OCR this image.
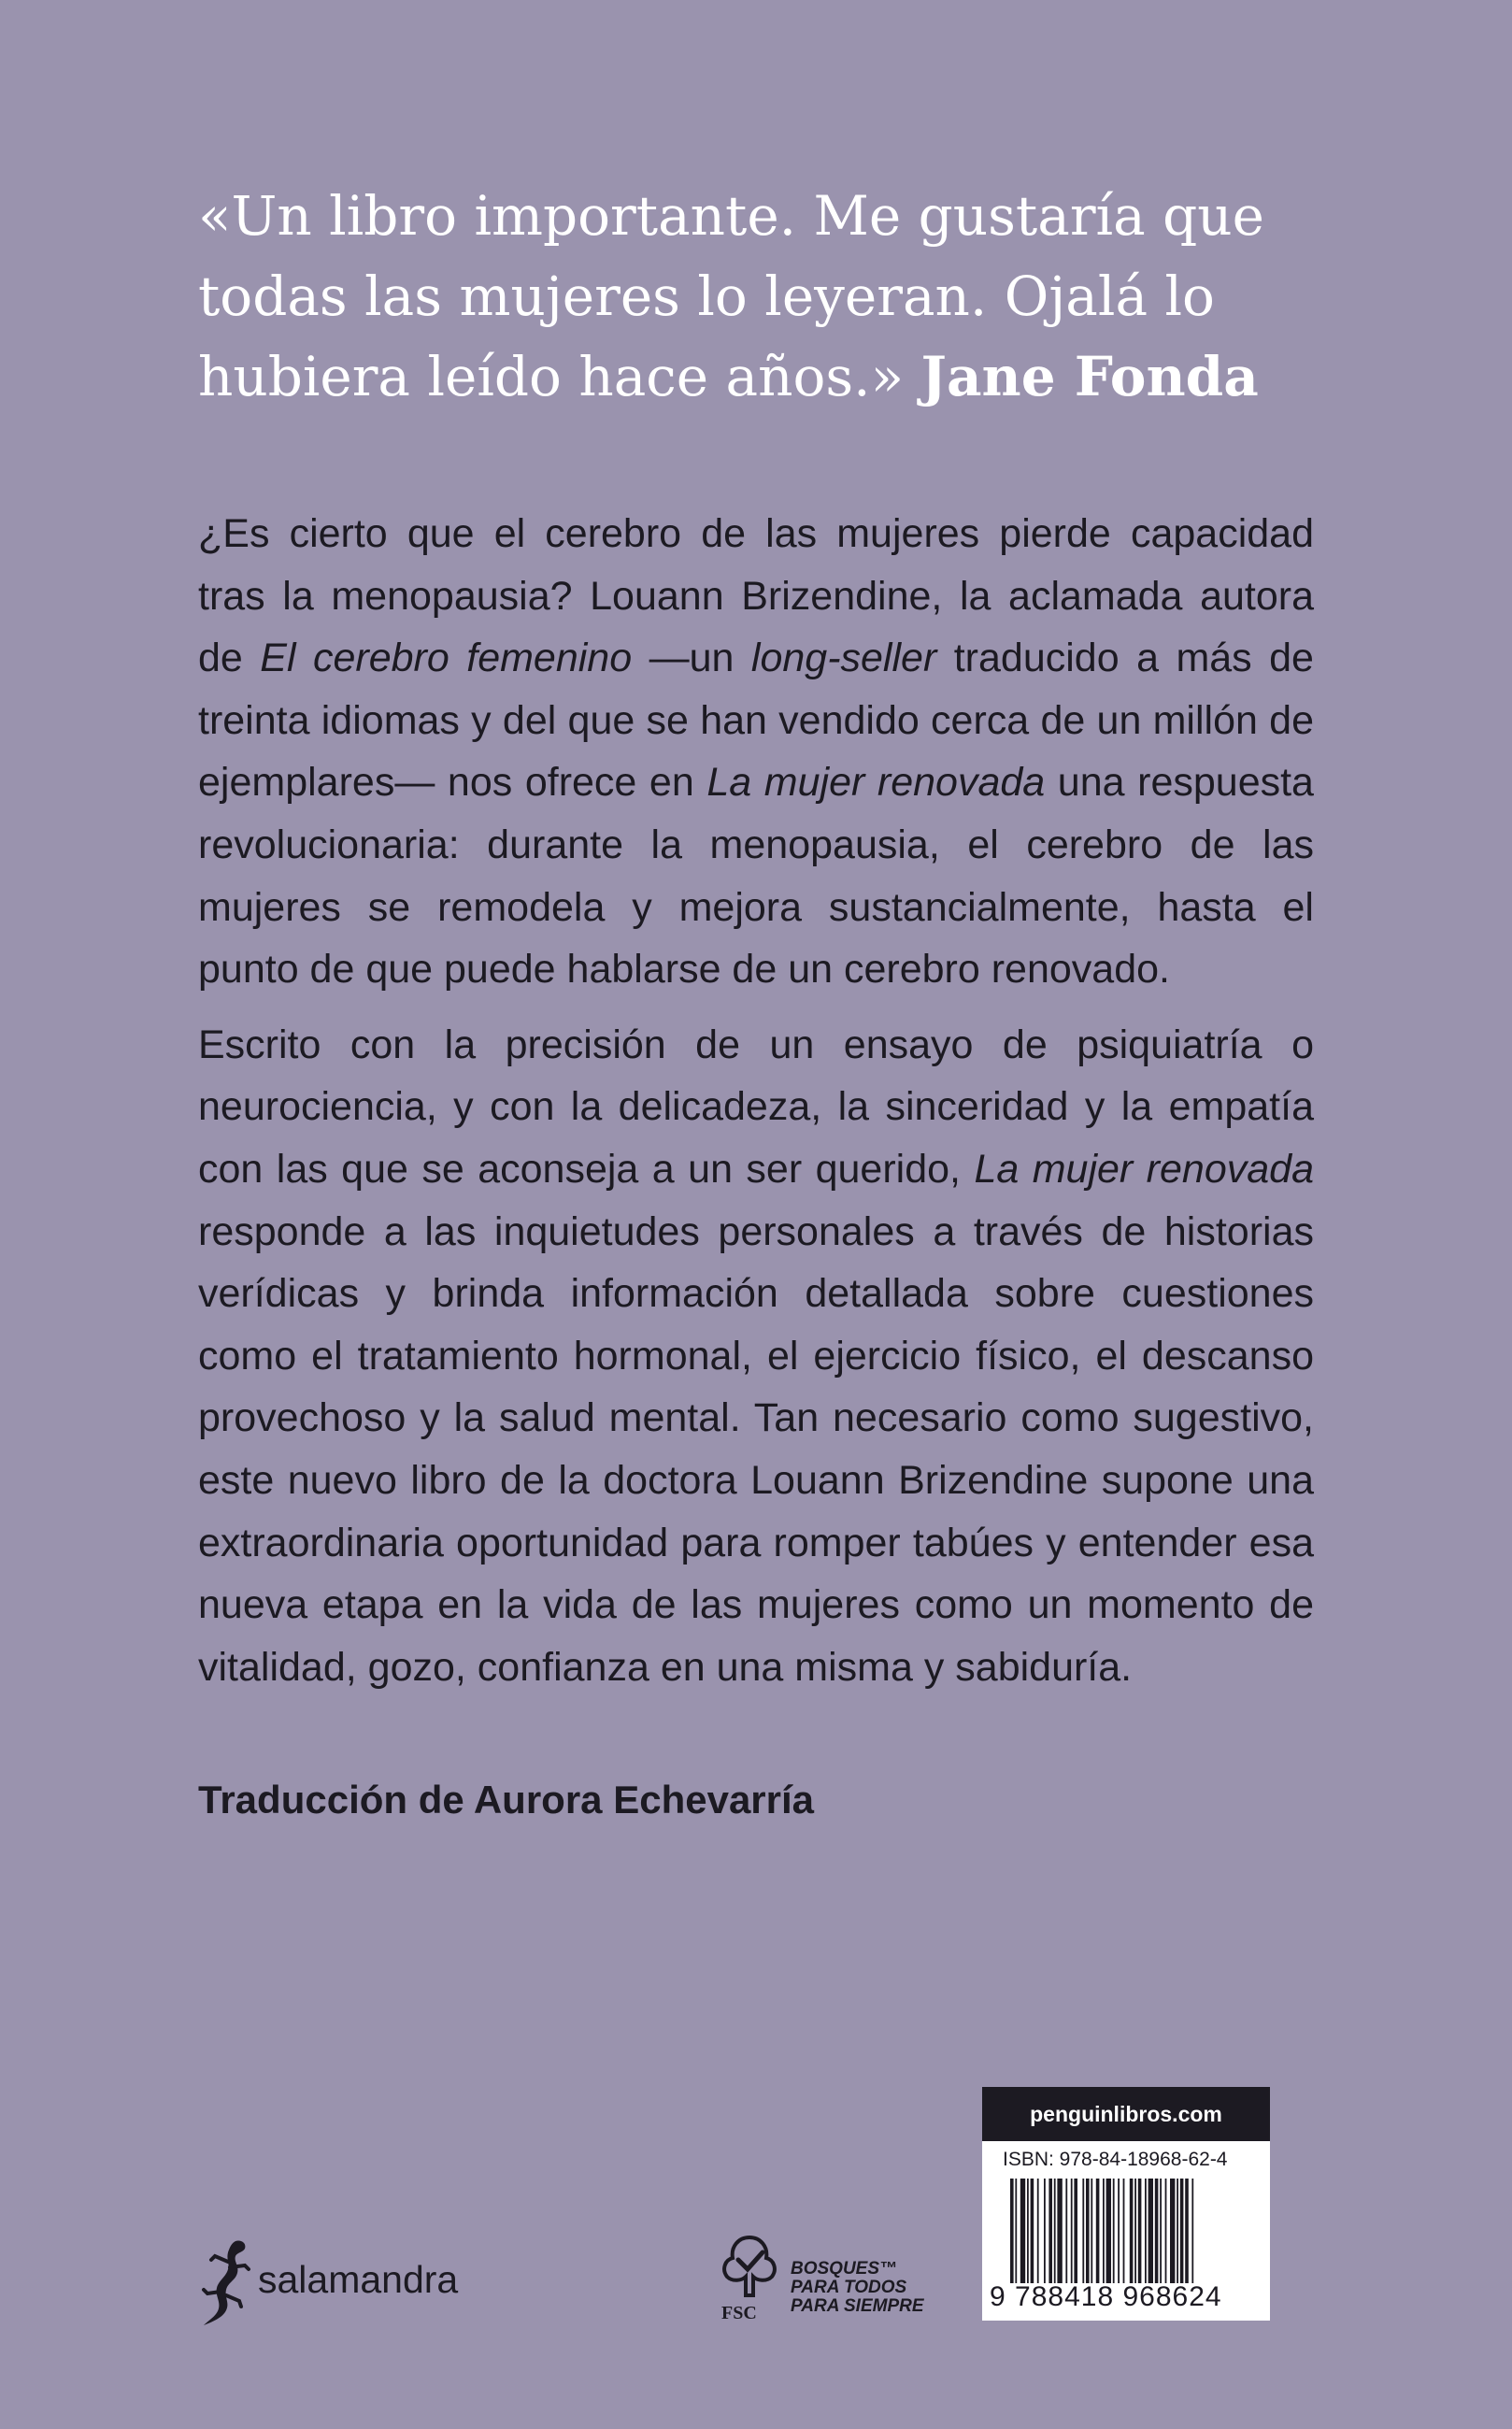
«Un libro importante. Me gustaría que todas las mujeres lo leyeran. Ojalá lo hubiera leído hace años.» Jane Fonda

¿Es cierto que el cerebro de las mujeres pierde capacidad tras la menopausia? Louann Brizendine, la aclamada autora de El cerebro femenino —un long-seller traducido a más de treinta idiomas y del que se han vendido cerca de un millón de ejemplares— nos ofrece en La mujer renovada una respuesta revolucionaria: durante la menopausia, el cerebro de las mujeres se remodela y mejora sustancialmente, hasta el punto de que puede hablarse de un cerebro renovado.

Escrito con la precisión de un ensayo de psiquiatría o neurociencia, y con la delicadeza, la sinceridad y la empatía con las que se aconseja a un ser querido, La mujer renovada responde a las inquietudes personales a través de historias verídicas y brinda información detallada sobre cuestiones como el tratamiento hormonal, el ejercicio físico, el descanso provechoso y la salud mental. Tan necesario como sugestivo, este nuevo libro de la doctora Louann Brizendine supone una extraordinaria oportunidad para romper tabúes y entender esa nueva etapa en la vida de las mujeres como un momento de vitalidad, gozo, confianza en una misma y sabiduría.

Traducción de Aurora Echevarría
salamandra
FSC
BOSQUES™
PARA TODOS
PARA SIEMPRE
penguinlibros.com
ISBN: 978-84-18968-62-4
9 788418 968624
